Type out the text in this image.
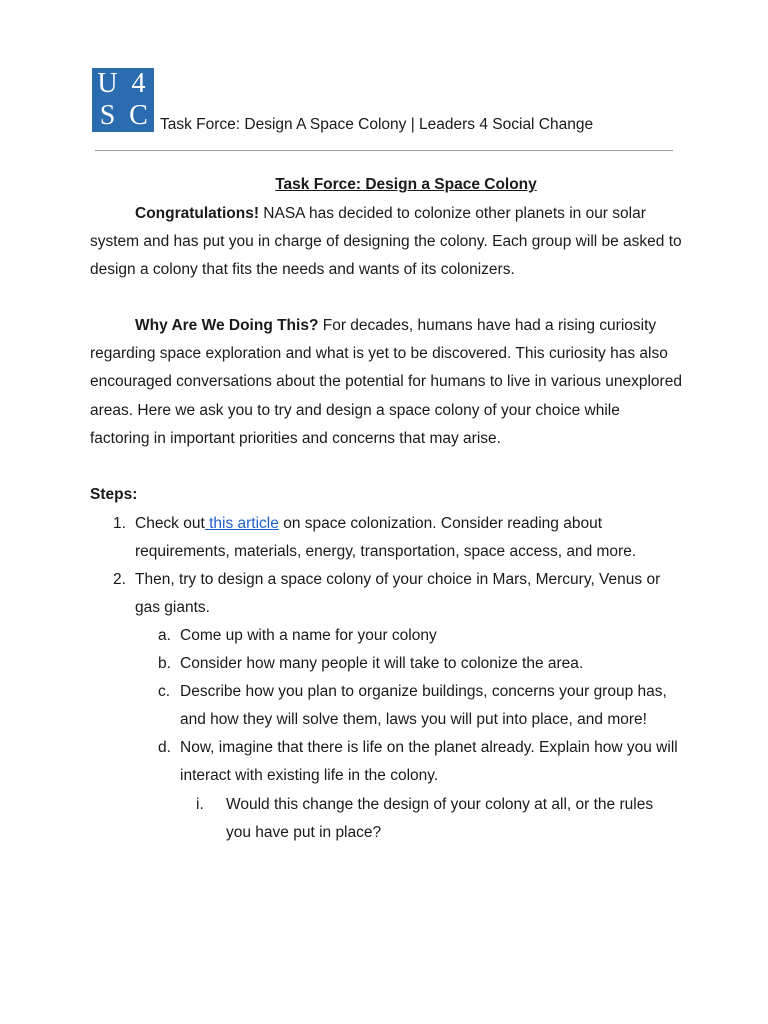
U 4
S C Task Force: Design A Space Colony | Leaders 4 Social Change
Task Force: Design a Space Colony

Congratulations! NASA has decided to colonize other planets in our solar system and has put you in charge of designing the colony. Each group will be asked to design a colony that fits the needs and wants of its colonizers.

Why Are We Doing This? For decades, humans have had a rising curiosity regarding space exploration and what is yet to be discovered. This curiosity has also encouraged conversations about the potential for humans to live in various unexplored areas. Here we ask you to try and design a space colony of your choice while factoring in important priorities and concerns that may arise.

Steps:
1. Check out this article on space colonization. Consider reading about requirements, materials, energy, transportation, space access, and more.
2. Then, try to design a space colony of your choice in Mars, Mercury, Venus or gas giants.
a. Come up with a name for your colony
b. Consider how many people it will take to colonize the area.
c. Describe how you plan to organize buildings, concerns your group has, and how they will solve them, laws you will put into place, and more!
d. Now, imagine that there is life on the planet already. Explain how you will interact with existing life in the colony.
i. Would this change the design of your colony at all, or the rules you have put in place?
